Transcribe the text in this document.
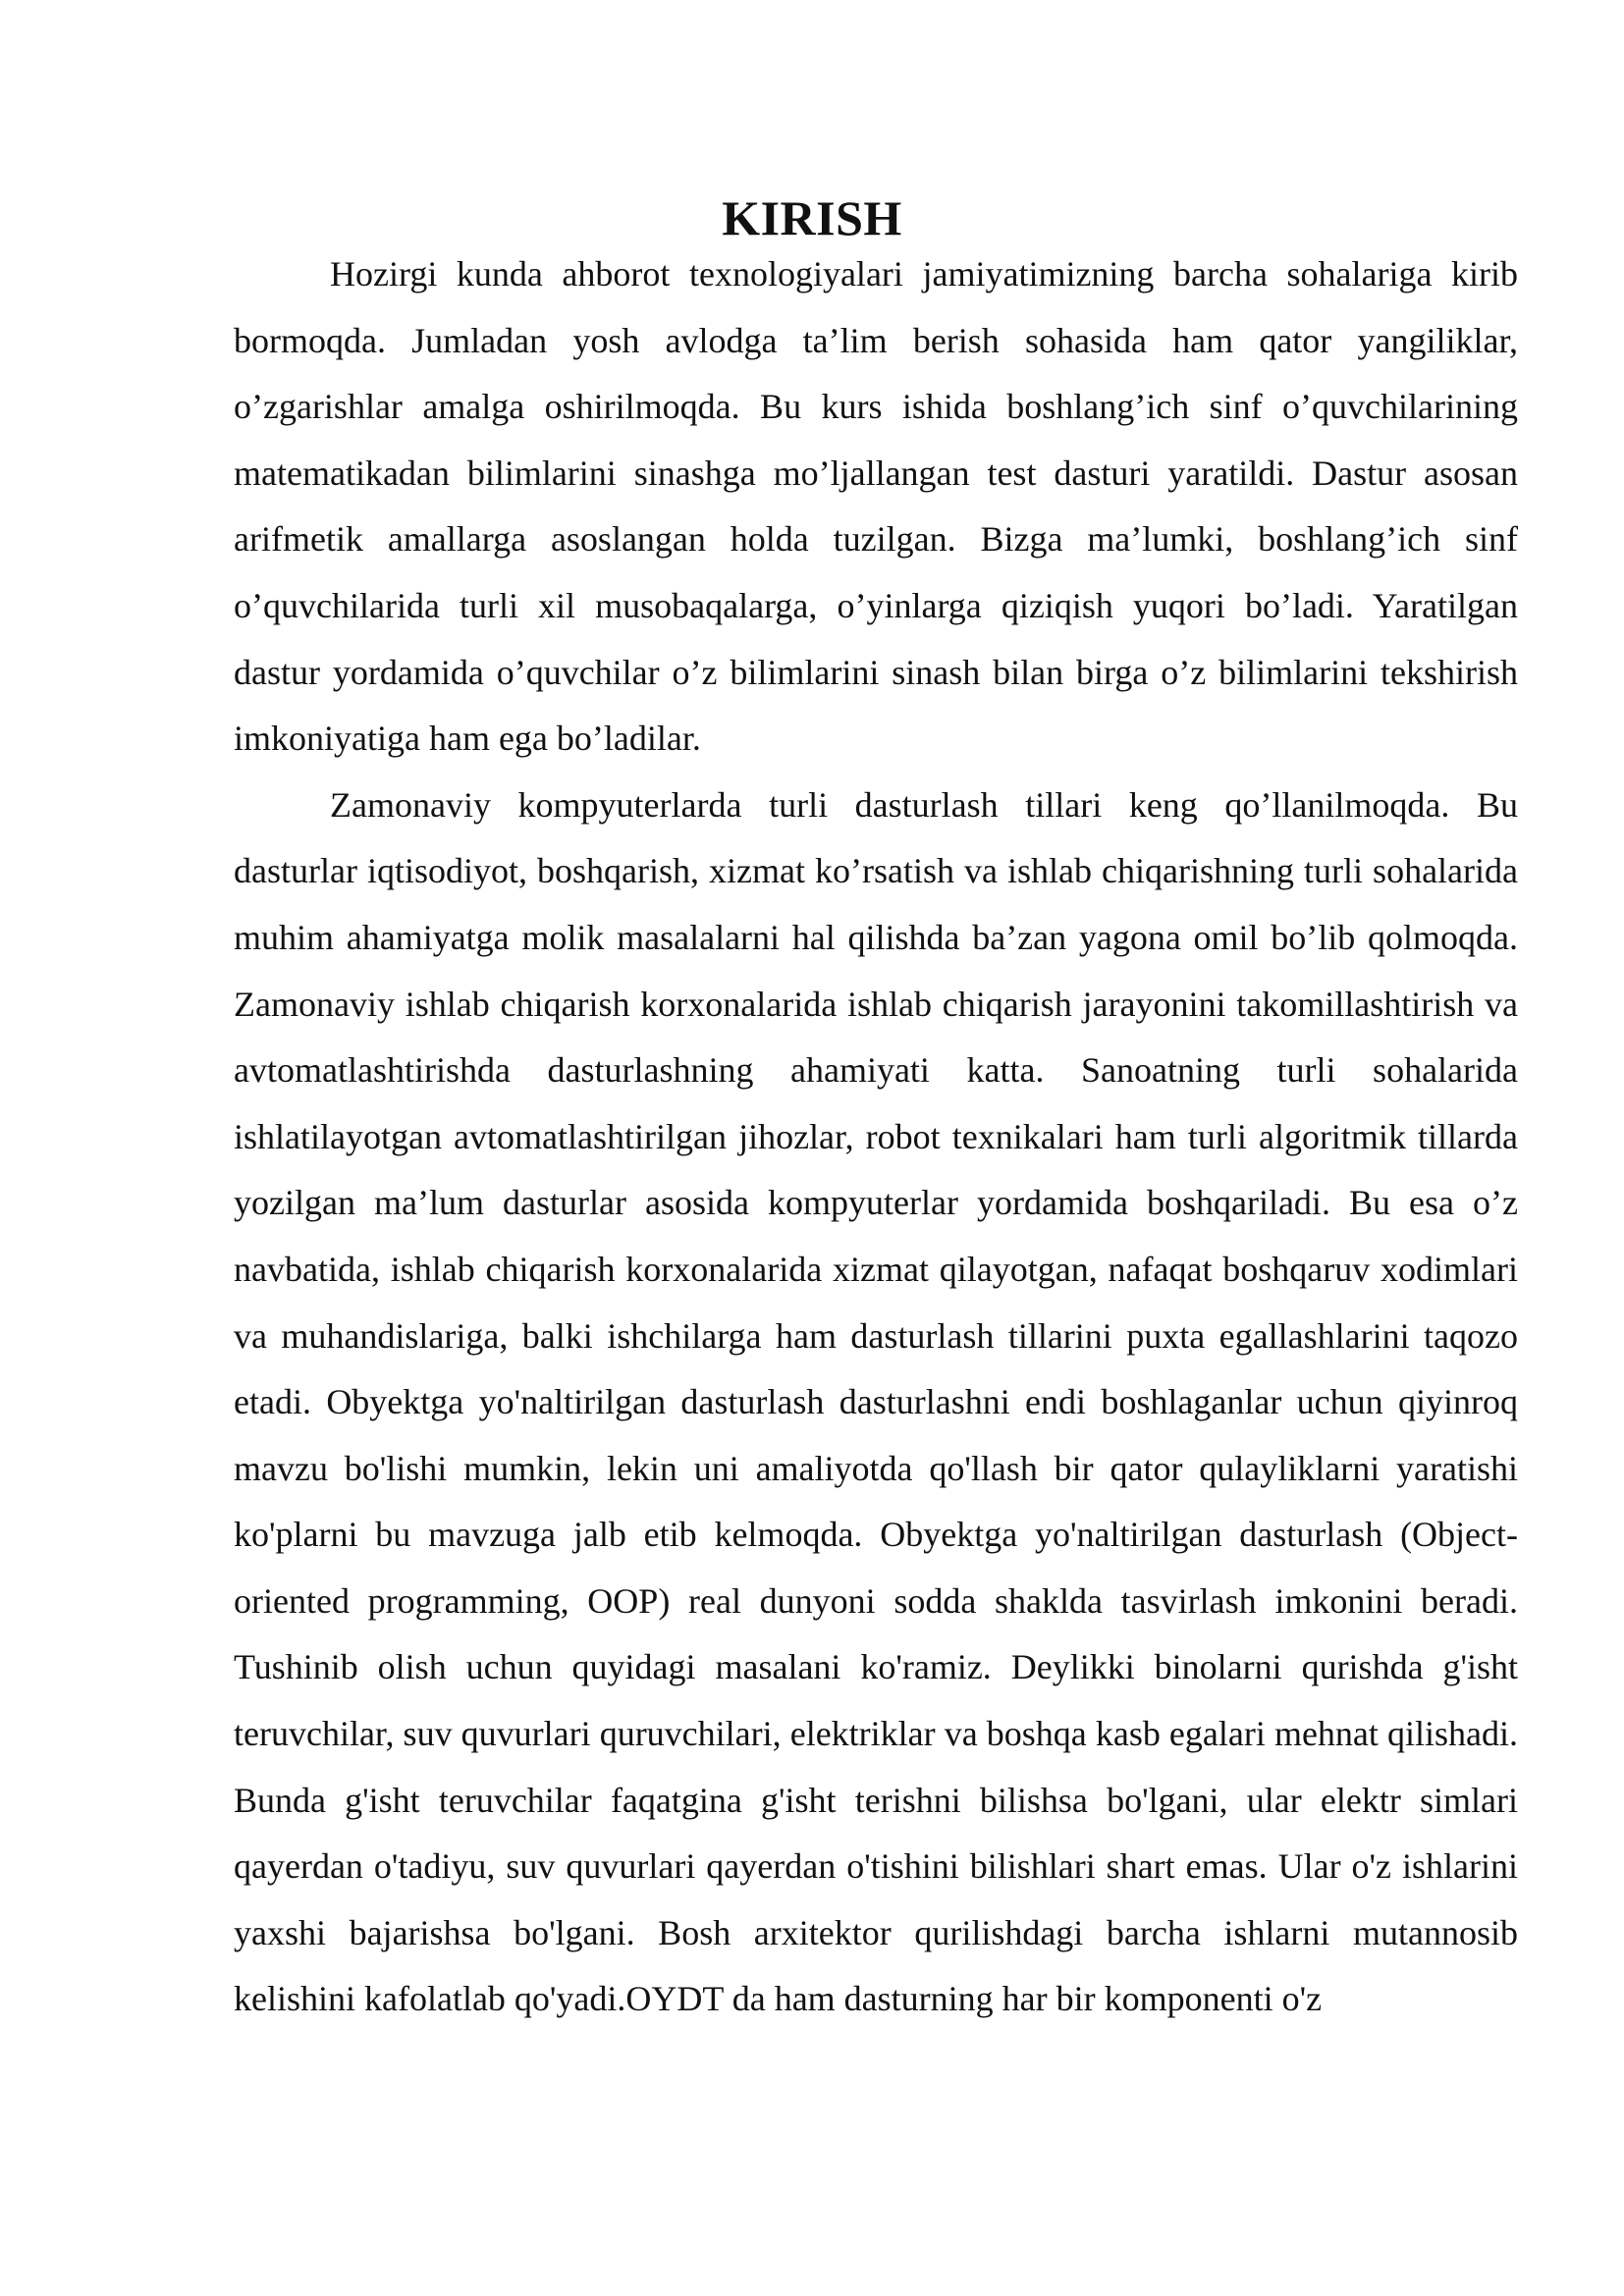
KIRISH

Hozirgi kunda ahborot texnologiyalari jamiyatimizning barcha sohalariga kirib bormoqda. Jumladan yosh avlodga ta’lim berish sohasida ham qator yangiliklar, o’zgarishlar amalga oshirilmoqda. Bu kurs ishida boshlang’ich sinf o’quvchilarining matematikadan bilimlarini sinashga mo’ljallangan test dasturi yaratildi. Dastur asosan arifmetik amallarga asoslangan holda tuzilgan. Bizga ma’lumki, boshlang’ich sinf o’quvchilarida turli xil musobaqalarga, o’yinlarga qiziqish yuqori bo’ladi. Yaratilgan dastur yordamida o’quvchilar o’z bilimlarini sinash bilan birga o’z bilimlarini tekshirish imkoniyatiga ham ega bo’ladilar.

Zamonaviy kompyuterlarda turli dasturlash tillari keng qo’llanilmoqda. Bu dasturlar iqtisodiyot, boshqarish, xizmat ko’rsatish va ishlab chiqarishning turli sohalarida muhim ahamiyatga molik masalalarni hal qilishda ba’zan yagona omil bo’lib qolmoqda. Zamonaviy ishlab chiqarish korxonalarida ishlab chiqarish jarayonini takomillashtirish va avtomatlashtirishda dasturlashning ahamiyati katta. Sanoatning turli sohalarida ishlatilayotgan avtomatlashtirilgan jihozlar, robot texnikalari ham turli algoritmik tillarda yozilgan ma’lum dasturlar asosida kompyuterlar yordamida boshqariladi. Bu esa o’z navbatida, ishlab chiqarish korxonalarida xizmat qilayotgan, nafaqat boshqaruv xodimlari va muhandislariga, balki ishchilarga ham dasturlash tillarini puxta egallashlarini taqozo etadi. Obyektga yo'naltirilgan dasturlash dasturlashni endi boshlaganlar uchun qiyinroq mavzu bo'lishi mumkin, lekin uni amaliyotda qo'llash bir qator qulayliklarni yaratishi ko'plarni bu mavzuga jalb etib kelmoqda. Obyektga yo'naltirilgan dasturlash (Object-oriented programming, OOP) real dunyoni sodda shaklda tasvirlash imkonini beradi. Tushinib olish uchun quyidagi masalani ko'ramiz. Deylikki binolarni qurishda g'isht teruvchilar, suv quvurlari quruvchilari, elektriklar va boshqa kasb egalari mehnat qilishadi. Bunda g'isht teruvchilar faqatgina g'isht terishni bilishsa bo'lgani, ular elektr simlari qayerdan o'tadiyu, suv quvurlari qayerdan o'tishini bilishlari shart emas. Ular o'z ishlarini yaxshi bajarishsa bo'lgani. Bosh arxitektor qurilishdagi barcha ishlarni mutannosib kelishini kafolatlab qo'yadi.OYDT da ham dasturning har bir komponenti o'z
